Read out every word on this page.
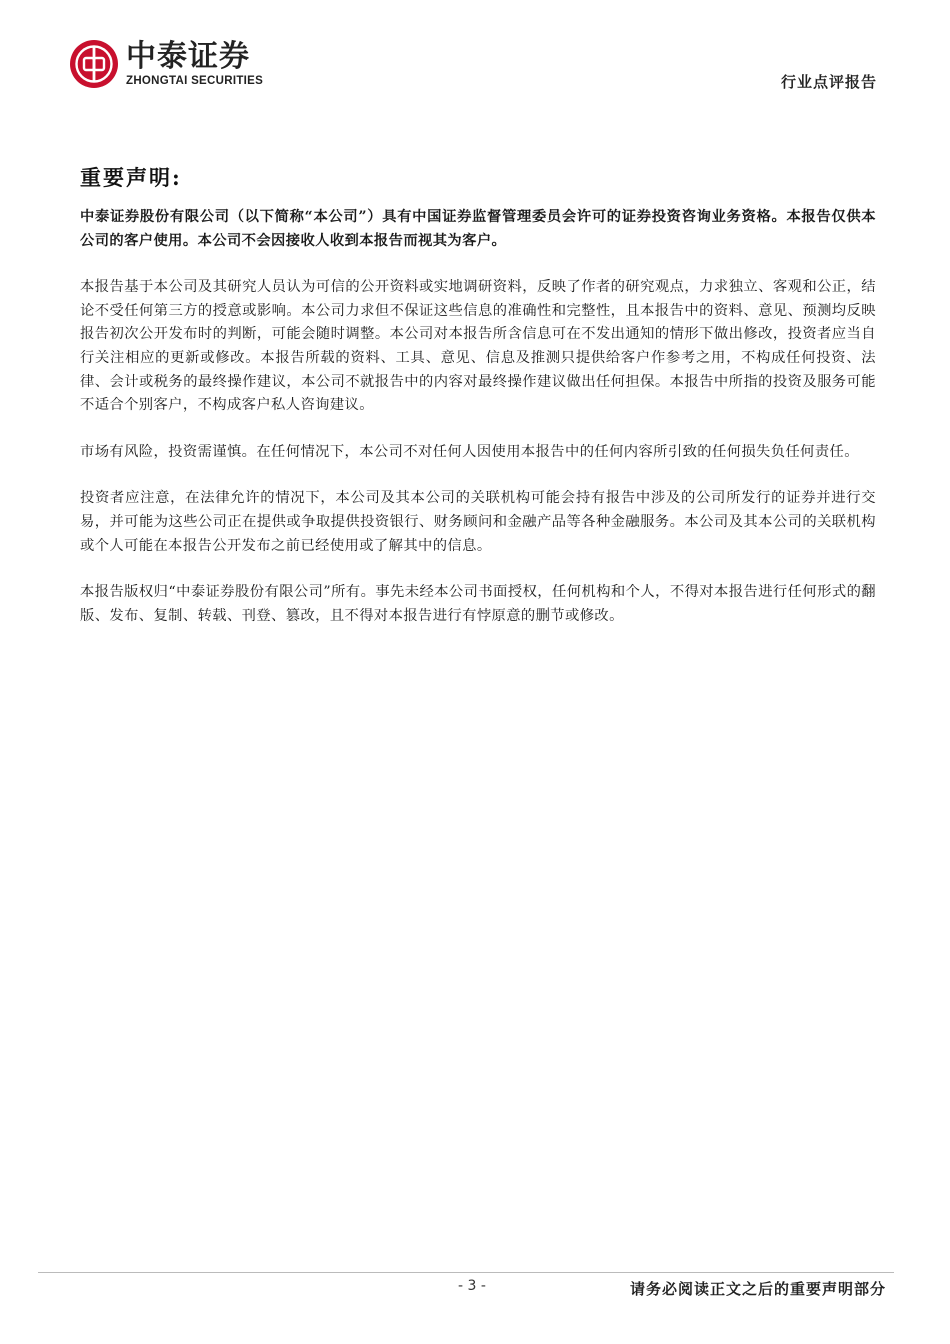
中泰证券
ZHONGTAI SECURITIES	行业点评报告
重要声明:

中泰证券股份有限公司（以下简称“本公司”）具有中国证券监督管理委员会许可的证券投资咨询业务资格。本报告仅供本公司的客户使用。本公司不会因接收人收到本报告而视其为客户。

本报告基于本公司及其研究人员认为可信的公开资料或实地调研资料，反映了作者的研究观点，力求独立、客观和公正，结论不受任何第三方的授意或影响。本公司力求但不保证这些信息的准确性和完整性，且本报告中的资料、意见、预测均反映报告初次公开发布时的判断，可能会随时调整。本公司对本报告所含信息可在不发出通知的情形下做出修改，投资者应当自行关注相应的更新或修改。本报告所载的资料、工具、意见、信息及推测只提供给客户作参考之用，不构成任何投资、法律、会计或税务的最终操作建议，本公司不就报告中的内容对最终操作建议做出任何担保。本报告中所指的投资及服务可能不适合个别客户，不构成客户私人咨询建议。

市场有风险，投资需谨慎。在任何情况下，本公司不对任何人因使用本报告中的任何内容所引致的任何损失负任何责任。

投资者应注意，在法律允许的情况下，本公司及其本公司的关联机构可能会持有报告中涉及的公司所发行的证券并进行交易，并可能为这些公司正在提供或争取提供投资银行、财务顾问和金融产品等各种金融服务。本公司及其本公司的关联机构或个人可能在本报告公开发布之前已经使用或了解其中的信息。

本报告版权归“中泰证券股份有限公司”所有。事先未经本公司书面授权，任何机构和个人，不得对本报告进行任何形式的翻版、发布、复制、转载、刊登、篡改，且不得对本报告进行有悖原意的删节或修改。

- 3 -	请务必阅读正文之后的重要声明部分
